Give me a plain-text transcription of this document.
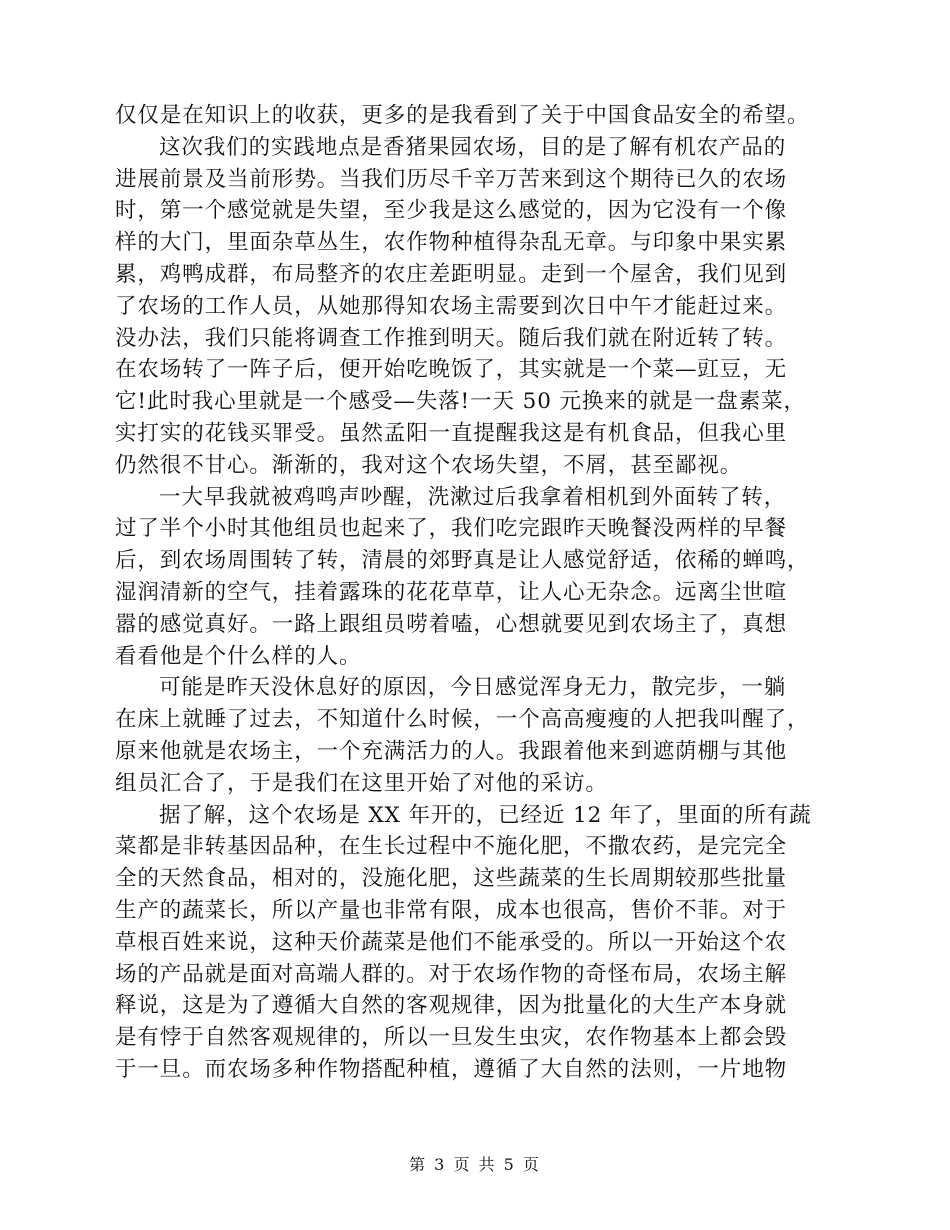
仅仅是在知识上的收获，更多的是我看到了关于中国食品安全的希望。
这次我们的实践地点是香猪果园农场，目的是了解有机农产品的
进展前景及当前形势。当我们历尽千辛万苦来到这个期待已久的农场
时，第一个感觉就是失望，至少我是这么感觉的，因为它没有一个像
样的大门，里面杂草丛生，农作物种植得杂乱无章。与印象中果实累
累，鸡鸭成群，布局整齐的农庄差距明显。走到一个屋舍，我们见到
了农场的工作人员，从她那得知农场主需要到次日中午才能赶过来。
没办法，我们只能将调查工作推到明天。随后我们就在附近转了转。
在农场转了一阵子后，便开始吃晚饭了，其实就是一个菜—豇豆，无
它!此时我心里就是一个感受—失落!一天 50 元换来的就是一盘素菜，
实打实的花钱买罪受。虽然孟阳一直提醒我这是有机食品，但我心里
仍然很不甘心。渐渐的，我对这个农场失望，不屑，甚至鄙视。
一大早我就被鸡鸣声吵醒，洗漱过后我拿着相机到外面转了转，
过了半个小时其他组员也起来了，我们吃完跟昨天晚餐没两样的早餐
后，到农场周围转了转，清晨的郊野真是让人感觉舒适，依稀的蝉鸣，
湿润清新的空气，挂着露珠的花花草草，让人心无杂念。远离尘世喧
嚣的感觉真好。一路上跟组员唠着嗑，心想就要见到农场主了，真想
看看他是个什么样的人。
可能是昨天没休息好的原因，今日感觉浑身无力，散完步，一躺
在床上就睡了过去，不知道什么时候，一个高高瘦瘦的人把我叫醒了，
原来他就是农场主，一个充满活力的人。我跟着他来到遮荫棚与其他
组员汇合了，于是我们在这里开始了对他的采访。
据了解，这个农场是 XX 年开的，已经近 12 年了，里面的所有蔬
菜都是非转基因品种，在生长过程中不施化肥，不撒农药，是完完全
全的天然食品，相对的，没施化肥，这些蔬菜的生长周期较那些批量
生产的蔬菜长，所以产量也非常有限，成本也很高，售价不菲。对于
草根百姓来说，这种天价蔬菜是他们不能承受的。所以一开始这个农
场的产品就是面对高端人群的。对于农场作物的奇怪布局，农场主解
释说，这是为了遵循大自然的客观规律，因为批量化的大生产本身就
是有悖于自然客观规律的，所以一旦发生虫灾，农作物基本上都会毁
于一旦。而农场多种作物搭配种植，遵循了大自然的法则，一片地物
第 3 页 共 5 页
